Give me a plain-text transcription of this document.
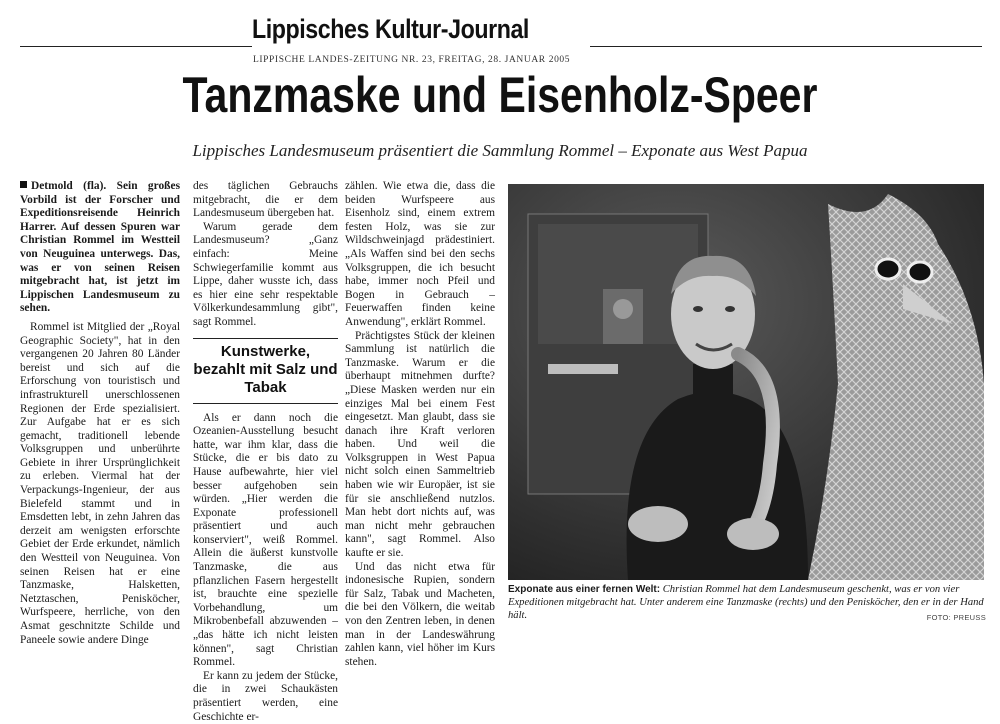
Lippisches Kultur-Journal
LIPPISCHE LANDES-ZEITUNG NR. 23, FREITAG, 28. JANUAR 2005
Tanzmaske und Eisenholz-Speer
Lippisches Landesmuseum präsentiert die Sammlung Rommel – Exponate aus West Papua

Detmold (fla). Sein großes Vorbild ist der Forscher und Expeditionsreisende Heinrich Harrer. Auf dessen Spuren war Christian Rommel im Westteil von Neuguinea unterwegs. Das, was er von seinen Reisen mitgebracht hat, ist jetzt im Lippischen Landesmuseum zu sehen.

Rommel ist Mitglied der „Royal Geographic Society", hat in den vergangenen 20 Jahren 80 Länder bereist und sich auf die Erforschung von touristisch und infrastrukturell unerschlossenen Regionen der Erde spezialisiert. Zur Aufgabe hat er es sich gemacht, traditionell lebende Volksgruppen und unberührte Gebiete in ihrer Ursprünglichkeit zu erleben. Viermal hat der Verpackungs-Ingenieur, der aus Bielefeld stammt und in Emsdetten lebt, in zehn Jahren das derzeit am wenigsten erforschte Gebiet der Erde erkundet, nämlich den Westteil von Neuguinea. Von seinen Reisen hat er eine Tanzmaske, Halsketten, Netztaschen, Penisköcher, Wurfspeere, herrliche, von den Asmat geschnitzte Schilde und Paneele sowie andere Dinge

des täglichen Gebrauchs mitgebracht, die er dem Landesmuseum übergeben hat.

Warum gerade dem Landesmuseum? „Ganz einfach: Meine Schwiegerfamilie kommt aus Lippe, daher wusste ich, dass es hier eine sehr respektable Völkerkundesammlung gibt", sagt Rommel.

Kunstwerke, bezahlt mit Salz und Tabak

Als er dann noch die Ozeanien-Ausstellung besucht hatte, war ihm klar, dass die Stücke, die er bis dato zu Hause aufbewahrte, hier viel besser aufgehoben sein würden. „Hier werden die Exponate professionell präsentiert und auch konserviert", weiß Rommel. Allein die äußerst kunstvolle Tanzmaske, die aus pflanzlichen Fasern hergestellt ist, brauchte eine spezielle Vorbehandlung, um Mikrobenbefall abzuwenden – „das hätte ich nicht leisten können", sagt Christian Rommel.

Er kann zu jedem der Stücke, die in zwei Schaukästen präsentiert werden, eine Geschichte er-

zählen. Wie etwa die, dass die beiden Wurfspeere aus Eisenholz sind, einem extrem festen Holz, was sie zur Wildschweinjagd prädestiniert. „Als Waffen sind bei den sechs Volksgruppen, die ich besucht habe, immer noch Pfeil und Bogen in Gebrauch – Feuerwaffen finden keine Anwendung", erklärt Rommel.

Prächtigstes Stück der kleinen Sammlung ist natürlich die Tanzmaske. Warum er die überhaupt mitnehmen durfte? „Diese Masken werden nur ein einziges Mal bei einem Fest eingesetzt. Man glaubt, dass sie danach ihre Kraft verloren haben. Und weil die Volksgruppen in West Papua nicht solch einen Sammeltrieb haben wie wir Europäer, ist sie für sie anschließend nutzlos. Man hebt dort nichts auf, was man nicht mehr gebrauchen kann", sagt Rommel. Also kaufte er sie.

Und das nicht etwa für indonesische Rupien, sondern für Salz, Tabak und Macheten, die bei den Völkern, die weitab von den Zentren leben, in denen man in der Landeswährung zahlen kann, viel höher im Kurs stehen.

Exponate aus einer fernen Welt: Christian Rommel hat dem Landesmuseum geschenkt, was er von vier Expeditionen mitgebracht hat. Unter anderem eine Tanzmaske (rechts) und den Penisköcher, den er in der Hand hält.	FOTO: PREUSS
